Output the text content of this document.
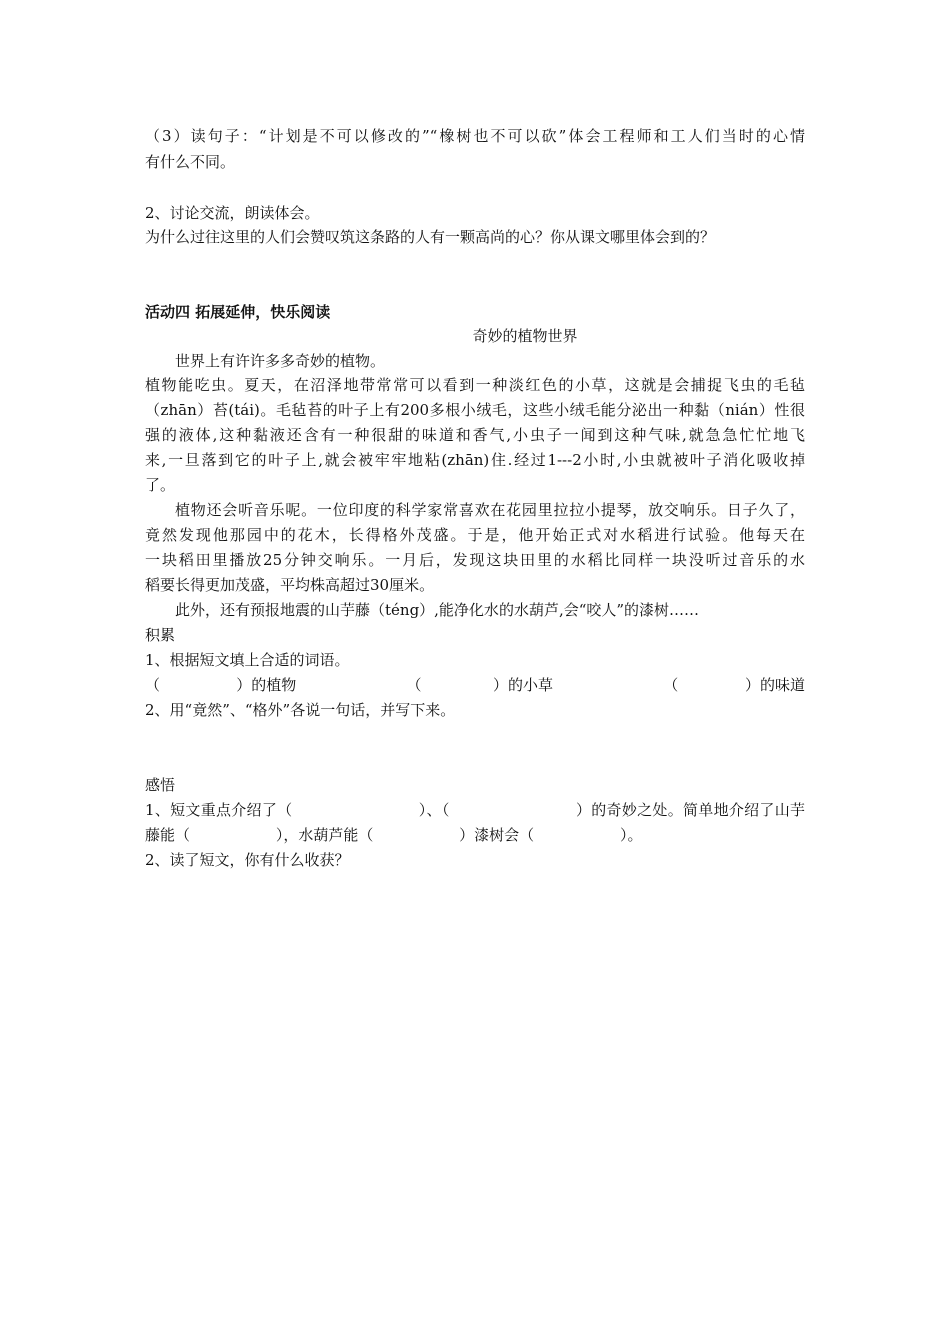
（3）读句子：“计划是不可以修改的”“橡树也不可以砍”体会工程师和工人们当时的心情
有什么不同。
2、讨论交流，朗读体会。
为什么过往这里的人们会赞叹筑这条路的人有一颗高尚的心？你从课文哪里体会到的？
活动四 拓展延伸，快乐阅读
奇妙的植物世界
世界上有许许多多奇妙的植物。
植物能吃虫。夏天，在沼泽地带常常可以看到一种淡红色的小草，这就是会捕捉飞虫的毛毡
（zhān）苔(tái)。毛毡苔的叶子上有200多根小绒毛，这些小绒毛能分泌出一种黏（nián）性很
强的液体,这种黏液还含有一种很甜的味道和香气,小虫子一闻到这种气味,就急急忙忙地飞
来,一旦落到它的叶子上,就会被牢牢地粘(zhān)住.经过1---2小时,小虫就被叶子消化吸收掉
了。
植物还会听音乐呢。一位印度的科学家常喜欢在花园里拉拉小提琴，放交响乐。日子久了，
竟然发现他那园中的花木，长得格外茂盛。于是，他开始正式对水稻进行试验。他每天在
一块稻田里播放25分钟交响乐。一月后，发现这块田里的水稻比同样一块没听过音乐的水
稻要长得更加茂盛，平均株高超过30厘米。
此外，还有预报地震的山芋藤（téng）,能净化水的水葫芦,会“咬人”的漆树……
积累
1、根据短文填上合适的词语。
（                ）的植物	（               ）的小草	（              ）的味道
2、用“竟然”、“格外”各说一句话，并写下来。
感悟
1、短文重点介绍了（                         ）、（                         ）的奇妙之处。简单地介绍了山芋
藤能（                  ），水葫芦能（                  ）漆树会（                  ）。
2、读了短文，你有什么收获？
